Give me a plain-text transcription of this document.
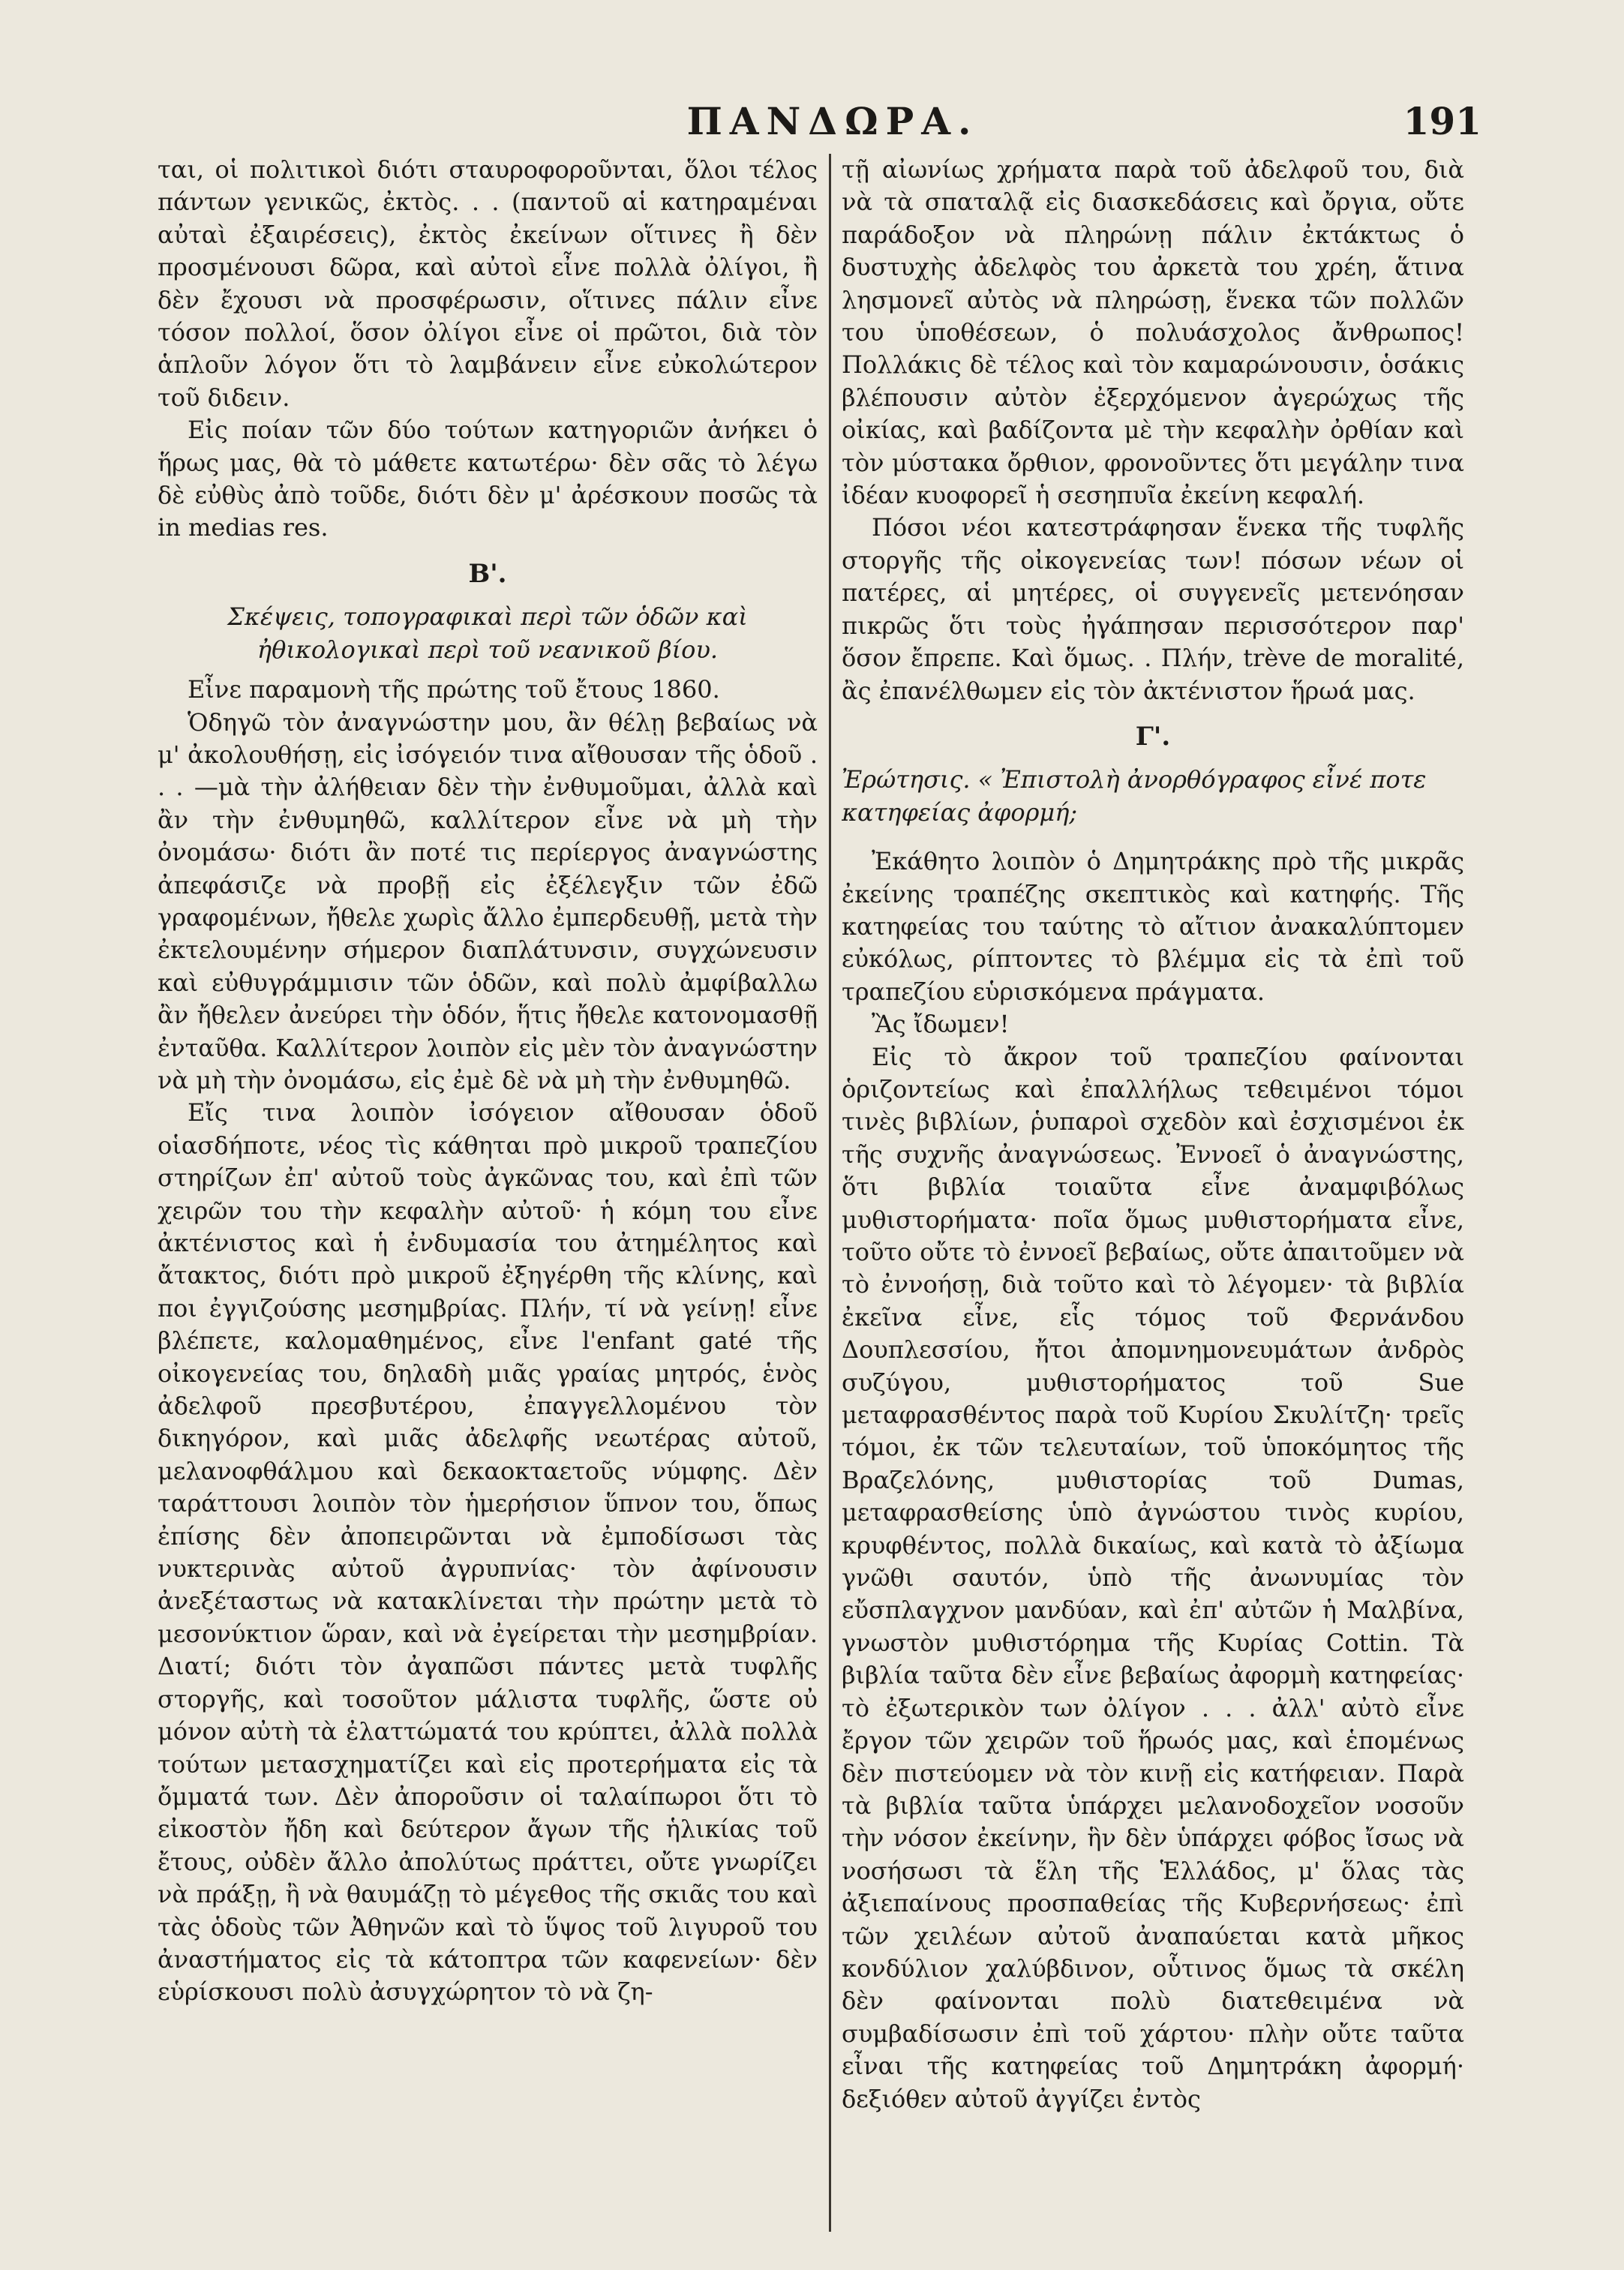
ΠΑΝΔΩΡΑ.	191

ται, οἱ πολιτικοὶ διότι σταυροφοροῦνται, ὅλοι τέλος πάντων γενικῶς, ἐκτὸς. . . (παντοῦ αἱ κατηραμέναι αὐταὶ ἐξαιρέσεις), ἐκτὸς ἐκείνων οἵτινες ἢ δὲν προσμένουσι δῶρα, καὶ αὐτοὶ εἶνε πολλὰ ὀλίγοι, ἢ δὲν ἔχουσι νὰ προσφέρωσιν, οἵτινες πάλιν εἶνε τόσον πολλοί, ὅσον ὀλίγοι εἶνε οἱ πρῶτοι, διὰ τὸν ἁπλοῦν λόγον ὅτι τὸ λαμβάνειν εἶνε εὐκολώτερον τοῦ διδειν.

Εἰς ποίαν τῶν δύο τούτων κατηγοριῶν ἀνήκει ὁ ἥρως μας, θὰ τὸ μάθετε κατωτέρω· δὲν σᾶς τὸ λέγω δὲ εὐθὺς ἀπὸ τοῦδε, διότι δὲν μ' ἀρέσκουν ποσῶς τὰ in medias res.

Β'.

Σκέψεις, τοπογραφικαὶ περὶ τῶν ὁδῶν καὶ ἠθικολογικαὶ περὶ τοῦ νεανικοῦ βίου.

Εἶνε παραμονὴ τῆς πρώτης τοῦ ἔτους 1860.

Ὁδηγῶ τὸν ἀναγνώστην μου, ἂν θέλῃ βεβαίως νὰ μ' ἀκολουθήσῃ, εἰς ἰσόγειόν τινα αἴθουσαν τῆς ὁδοῦ . . . —μὰ τὴν ἀλήθειαν δὲν τὴν ἐνθυμοῦμαι, ἀλλὰ καὶ ἂν τὴν ἐνθυμηθῶ, καλλίτερον εἶνε νὰ μὴ τὴν ὀνομάσω· διότι ἂν ποτέ τις περίεργος ἀναγνώστης ἀπεφάσιζε νὰ προβῇ εἰς ἐξέλεγξιν τῶν ἐδῶ γραφομένων, ἤθελε χωρὶς ἄλλο ἐμπερδευθῇ, μετὰ τὴν ἐκτελουμένην σήμερον διαπλάτυνσιν, συγχώνευσιν καὶ εὐθυγράμμισιν τῶν ὁδῶν, καὶ πολὺ ἀμφίβαλλω ἂν ἤθελεν ἀνεύρει τὴν ὁδόν, ἥτις ἤθελε κατονομασθῇ ἐνταῦθα. Καλλίτερον λοιπὸν εἰς μὲν τὸν ἀναγνώστην νὰ μὴ τὴν ὀνομάσω, εἰς ἐμὲ δὲ νὰ μὴ τὴν ἐνθυμηθῶ.

Εἴς τινα λοιπὸν ἰσόγειον αἴθουσαν ὁδοῦ οἱασδήποτε, νέος τὶς κάθηται πρὸ μικροῦ τραπεζίου στηρίζων ἐπ' αὐτοῦ τοὺς ἀγκῶνας του, καὶ ἐπὶ τῶν χειρῶν του τὴν κεφαλὴν αὐτοῦ· ἡ κόμη του εἶνε ἀκτένιστος καὶ ἡ ἐνδυμασία του ἀτημέλητος καὶ ἄτακτος, διότι πρὸ μικροῦ ἐξηγέρθη τῆς κλίνης, καὶ ποι ἐγγιζούσης μεσημβρίας. Πλήν, τί νὰ γείνῃ! εἶνε βλέπετε, καλομαθημένος, εἶνε l'enfant gaté τῆς οἰκογενείας του, δηλαδὴ μιᾶς γραίας μητρός, ἑνὸς ἀδελφοῦ πρεσβυτέρου, ἐπαγγελλομένου τὸν δικηγόρον, καὶ μιᾶς ἀδελφῆς νεωτέρας αὐτοῦ, μελανοφθάλμου καὶ δεκαοκταετοῦς νύμφης. Δὲν ταράττουσι λοιπὸν τὸν ἡμερήσιον ὕπνον του, ὅπως ἐπίσης δὲν ἀποπειρῶνται νὰ ἐμποδίσωσι τὰς νυκτερινὰς αὐτοῦ ἀγρυπνίας· τὸν ἀφίνουσιν ἀνεξέταστως νὰ κατακλίνεται τὴν πρώτην μετὰ τὸ μεσονύκτιον ὥραν, καὶ νὰ ἐγείρεται τὴν μεσημβρίαν. Διατί; διότι τὸν ἀγαπῶσι πάντες μετὰ τυφλῆς στοργῆς, καὶ τοσοῦτον μάλιστα τυφλῆς, ὥστε οὐ μόνον αὐτὴ τὰ ἐλαττώματά του κρύπτει, ἀλλὰ πολλὰ τούτων μετασχηματίζει καὶ εἰς προτερήματα εἰς τὰ ὄμματά των. Δὲν ἀποροῦσιν οἱ ταλαίπωροι ὅτι τὸ εἰκοστὸν ἤδη καὶ δεύτερον ἄγων τῆς ἡλικίας τοῦ ἔτους, οὐδὲν ἄλλο ἀπολύτως πράττει, οὔτε γνωρίζει νὰ πράξῃ, ἢ νὰ θαυμάζῃ τὸ μέγεθος τῆς σκιᾶς του καὶ τὰς ὁδοὺς τῶν Ἀθηνῶν καὶ τὸ ὕψος τοῦ λιγυροῦ του ἀναστήματος εἰς τὰ κάτοπτρα τῶν καφενείων· δὲν εὑρίσκουσι πολὺ ἀσυγχώρητον τὸ νὰ ζη-

τῇ αἰωνίως χρήματα παρὰ τοῦ ἀδελφοῦ του, διὰ νὰ τὰ σπαταλᾷ εἰς διασκεδάσεις καὶ ὄργια, οὔτε παράδοξον νὰ πληρώνῃ πάλιν ἐκτάκτως ὁ δυστυχὴς ἀδελφὸς του ἀρκετὰ του χρέη, ἅτινα λησμονεῖ αὐτὸς νὰ πληρώσῃ, ἕνεκα τῶν πολλῶν του ὑποθέσεων, ὁ πολυάσχολος ἄνθρωπος! Πολλάκις δὲ τέλος καὶ τὸν καμαρώνουσιν, ὁσάκις βλέπουσιν αὐτὸν ἐξερχόμενον ἀγερώχως τῆς οἰκίας, καὶ βαδίζοντα μὲ τὴν κεφαλὴν ὀρθίαν καὶ τὸν μύστακα ὄρθιον, φρονοῦντες ὅτι μεγάλην τινα ἰδέαν κυοφορεῖ ἡ σεσηπυῖα ἐκείνη κεφαλή.

Πόσοι νέοι κατεστράφησαν ἕνεκα τῆς τυφλῆς στοργῆς τῆς οἰκογενείας των! πόσων νέων οἱ πατέρες, αἱ μητέρες, οἱ συγγενεῖς μετενόησαν πικρῶς ὅτι τοὺς ἠγάπησαν περισσότερον παρ' ὅσον ἔπρεπε. Καὶ ὅμως. . Πλήν, trève de moralité, ἂς ἐπανέλθωμεν εἰς τὸν ἀκτένιστον ἥρωά μας.

Γ'.

Ἐρώτησις. « Ἐπιστολὴ ἀνορθόγραφος εἶνέ ποτε κατηφείας ἀφορμή;

Ἐκάθητο λοιπὸν ὁ Δημητράκης πρὸ τῆς μικρᾶς ἐκείνης τραπέζης σκεπτικὸς καὶ κατηφής. Τῆς κατηφείας του ταύτης τὸ αἴτιον ἀνακαλύπτομεν εὐκόλως, ρίπτοντες τὸ βλέμμα εἰς τὰ ἐπὶ τοῦ τραπεζίου εὑρισκόμενα πράγματα.

Ἂς ἴδωμεν!

Εἰς τὸ ἄκρον τοῦ τραπεζίου φαίνονται ὁριζοντείως καὶ ἐπαλλήλως τεθειμένοι τόμοι τινὲς βιβλίων, ῥυπαροὶ σχεδὸν καὶ ἐσχισμένοι ἐκ τῆς συχνῆς ἀναγνώσεως. Ἐννοεῖ ὁ ἀναγνώστης, ὅτι βιβλία τοιαῦτα εἶνε ἀναμφιβόλως μυθιστορήματα· ποῖα ὅμως μυθιστορήματα εἶνε, τοῦτο οὔτε τὸ ἐννοεῖ βεβαίως, οὔτε ἀπαιτοῦμεν νὰ τὸ ἐννοήσῃ, διὰ τοῦτο καὶ τὸ λέγομεν· τὰ βιβλία ἐκεῖνα εἶνε, εἷς τόμος τοῦ Φερνάνδου Δουπλεσσίου, ἤτοι ἀπομνημονευμάτων ἀνδρὸς συζύγου, μυθιστορήματος τοῦ Sue μεταφρασθέντος παρὰ τοῦ Κυρίου Σκυλίτζη· τρεῖς τόμοι, ἐκ τῶν τελευταίων, τοῦ ὑποκόμητος τῆς Βραζελόνης, μυθιστορίας τοῦ Dumas, μεταφρασθείσης ὑπὸ ἀγνώστου τινὸς κυρίου, κρυφθέντος, πολλὰ δικαίως, καὶ κατὰ τὸ ἀξίωμα γνῶθι σαυτόν, ὑπὸ τῆς ἀνωνυμίας τὸν εὔσπλαγχνον μανδύαν, καὶ ἐπ' αὐτῶν ἡ Μαλβίνα, γνωστὸν μυθιστόρημα τῆς Κυρίας Cottin. Τὰ βιβλία ταῦτα δὲν εἶνε βεβαίως ἀφορμὴ κατηφείας· τὸ ἐξωτερικὸν των ὀλίγον . . . ἀλλ' αὐτὸ εἶνε ἔργον τῶν χειρῶν τοῦ ἥρωός μας, καὶ ἑπομένως δὲν πιστεύομεν νὰ τὸν κινῇ εἰς κατήφειαν. Παρὰ τὰ βιβλία ταῦτα ὑπάρχει μελανοδοχεῖον νοσοῦν τὴν νόσον ἐκείνην, ἣν δὲν ὑπάρχει φόβος ἴσως νὰ νοσήσωσι τὰ ἕλη τῆς Ἑλλάδος, μ' ὅλας τὰς ἀξιεπαίνους προσπαθείας τῆς Κυβερνήσεως· ἐπὶ τῶν χειλέων αὐτοῦ ἀναπαύεται κατὰ μῆκος κονδύλιον χαλύβδινον, οὗτινος ὅμως τὰ σκέλη δὲν φαίνονται πολὺ διατεθειμένα νὰ συμβαδίσωσιν ἐπὶ τοῦ χάρτου· πλὴν οὔτε ταῦτα εἶναι τῆς κατηφείας τοῦ Δημητράκη ἀφορμή· δεξιόθεν αὐτοῦ ἀγγίζει ἐντὸς
